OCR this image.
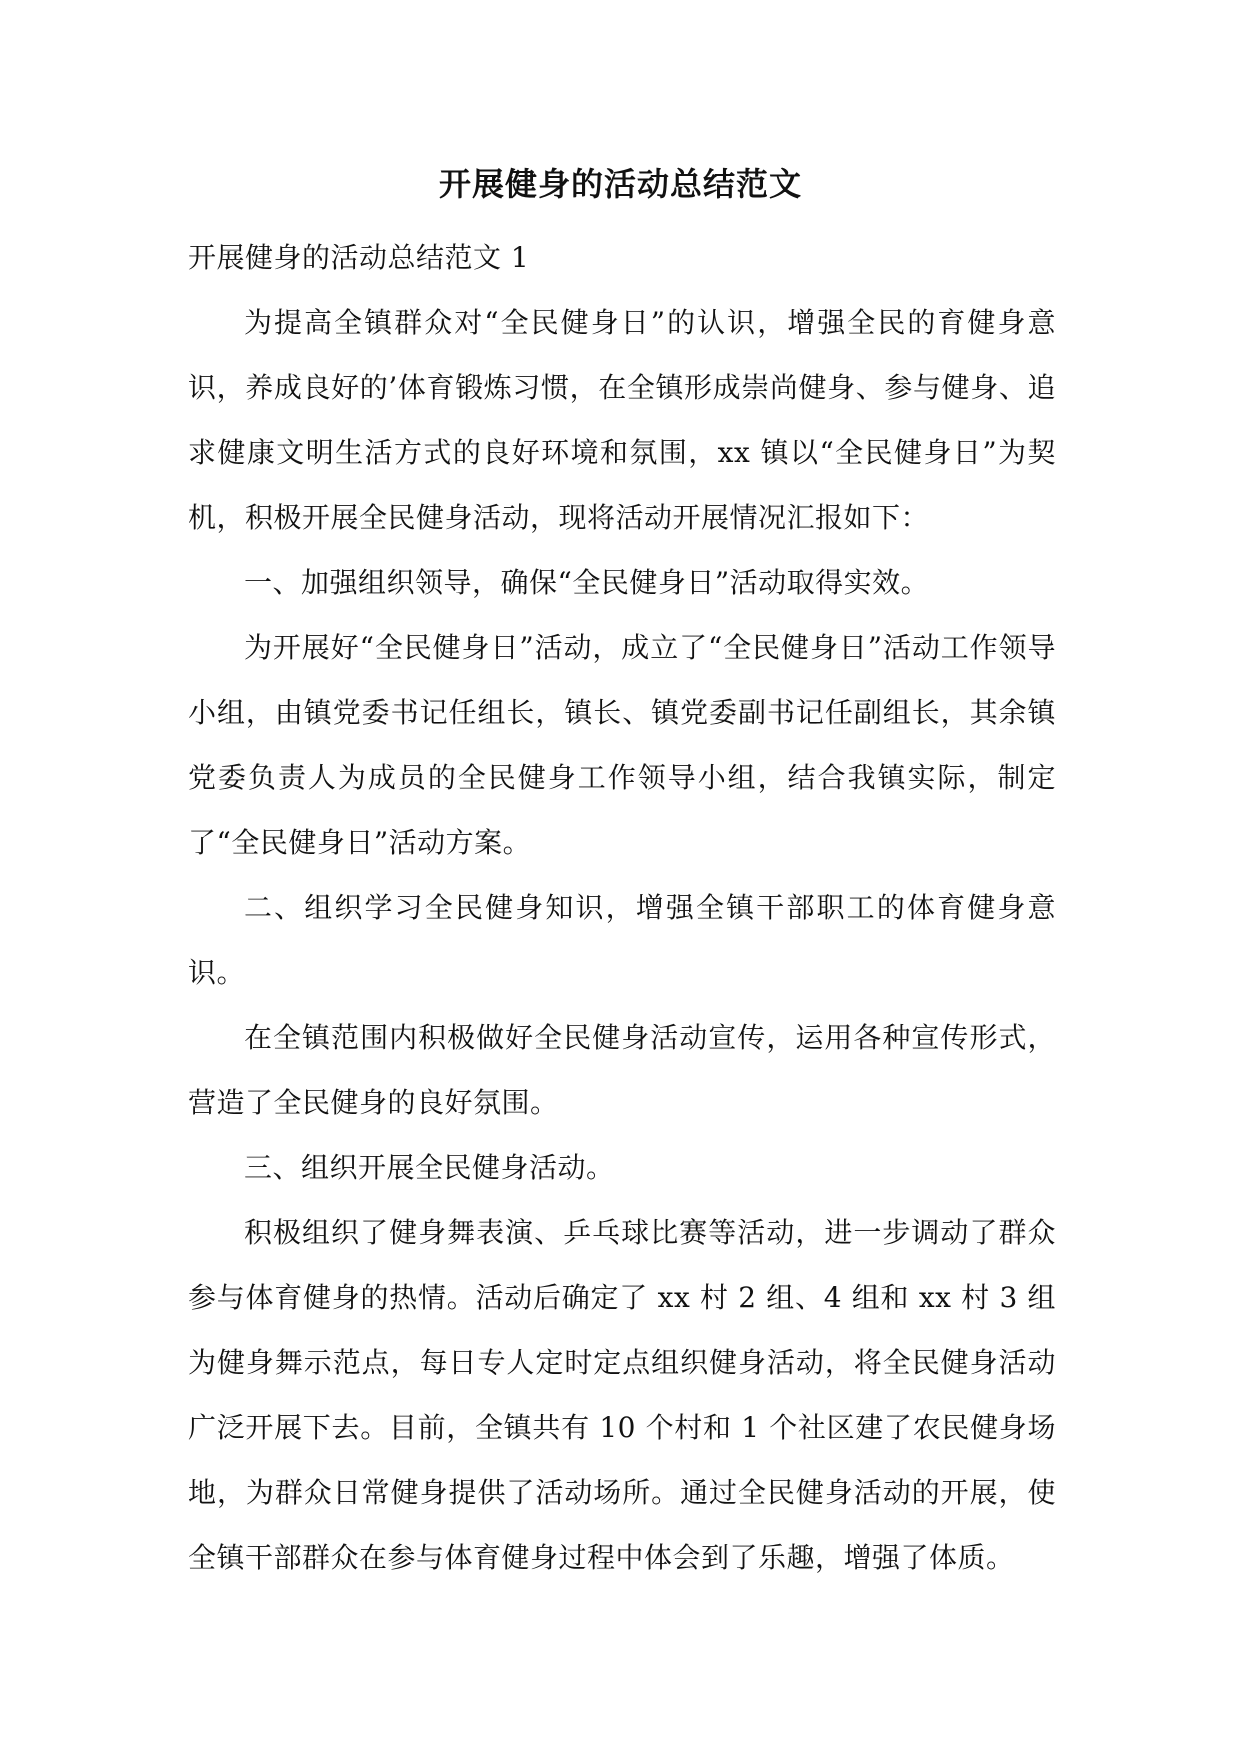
开展健身的活动总结范文

开展健身的活动总结范文 1

为提高全镇群众对“全民健身日”的认识，增强全民的育健身意识，养成良好的’体育锻炼习惯，在全镇形成崇尚健身、参与健身、追求健康文明生活方式的良好环境和氛围，xx 镇以“全民健身日”为契机，积极开展全民健身活动，现将活动开展情况汇报如下：

一、加强组织领导，确保“全民健身日”活动取得实效。

为开展好“全民健身日”活动，成立了“全民健身日”活动工作领导小组，由镇党委书记任组长，镇长、镇党委副书记任副组长，其余镇党委负责人为成员的全民健身工作领导小组，结合我镇实际，制定了“全民健身日”活动方案。

二、组织学习全民健身知识，增强全镇干部职工的体育健身意识。

在全镇范围内积极做好全民健身活动宣传，运用各种宣传形式，营造了全民健身的良好氛围。

三、组织开展全民健身活动。

积极组织了健身舞表演、乒乓球比赛等活动，进一步调动了群众参与体育健身的热情。活动后确定了 xx 村 2 组、4 组和 xx 村 3 组为健身舞示范点，每日专人定时定点组织健身活动，将全民健身活动广泛开展下去。目前，全镇共有 10 个村和 1 个社区建了农民健身场地，为群众日常健身提供了活动场所。通过全民健身活动的开展，使全镇干部群众在参与体育健身过程中体会到了乐趣，增强了体质。
